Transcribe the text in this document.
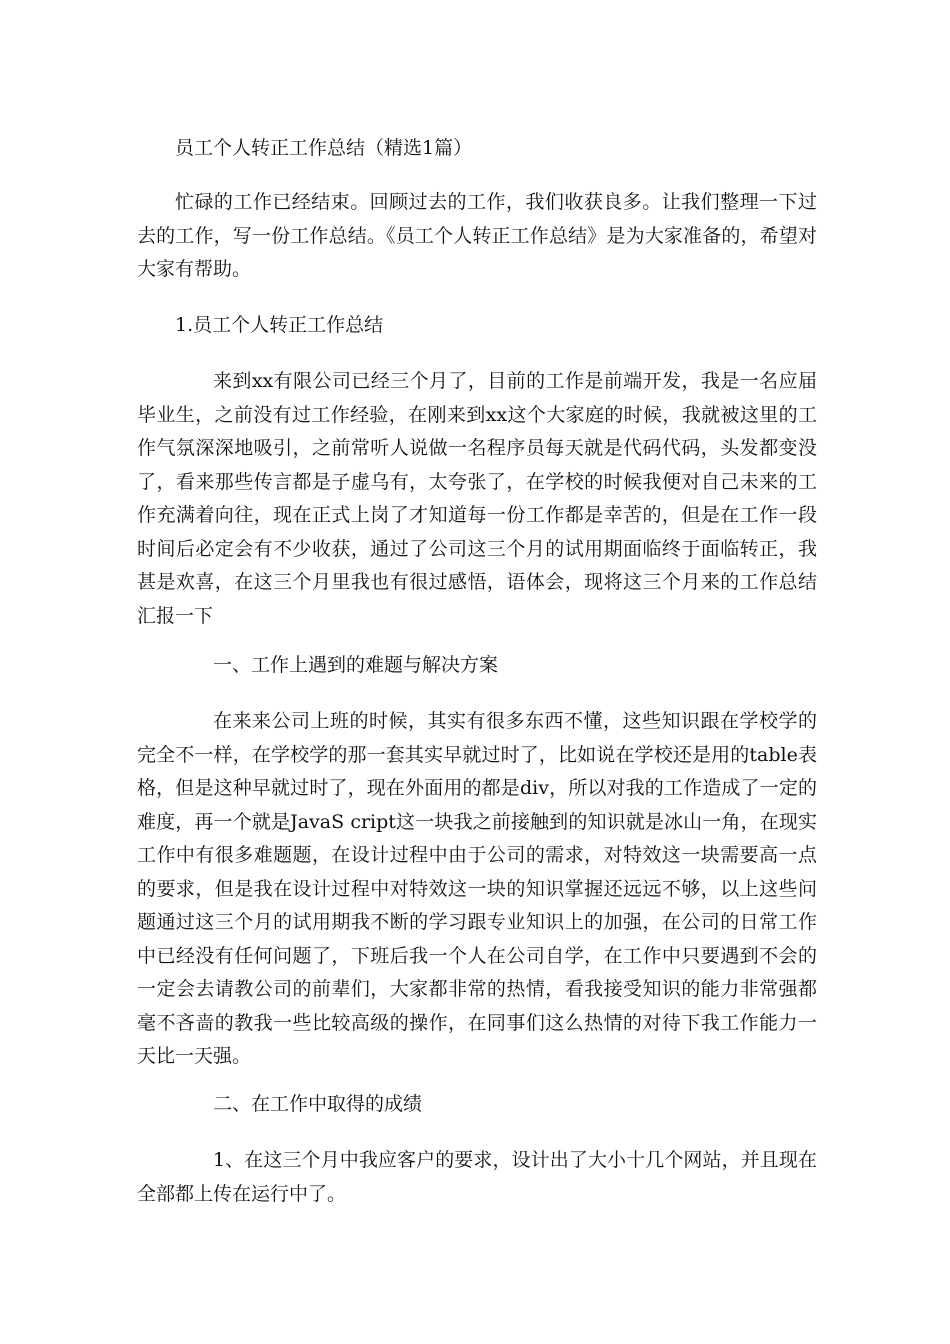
员工个人转正工作总结（精选1篇）

忙碌的工作已经结束。回顾过去的工作，我们收获良多。让我们整理一下过去的工作，写一份工作总结。《员工个人转正工作总结》是为大家准备的，希望对大家有帮助。

1.员工个人转正工作总结

来到xx有限公司已经三个月了，目前的工作是前端开发，我是一名应届毕业生，之前没有过工作经验，在刚来到xx这个大家庭的时候，我就被这里的工作气氛深深地吸引，之前常听人说做一名程序员每天就是代码代码，头发都变没了，看来那些传言都是子虚乌有，太夸张了，在学校的时候我便对自己未来的工作充满着向往，现在正式上岗了才知道每一份工作都是幸苦的，但是在工作一段时间后必定会有不少收获，通过了公司这三个月的试用期面临终于面临转正，我甚是欢喜，在这三个月里我也有很过感悟，语体会，现将这三个月来的工作总结汇报一下

一、工作上遇到的难题与解决方案

在来来公司上班的时候，其实有很多东西不懂，这些知识跟在学校学的完全不一样，在学校学的那一套其实早就过时了，比如说在学校还是用的table表格，但是这种早就过时了，现在外面用的都是div，所以对我的工作造成了一定的难度，再一个就是JavaS cript这一块我之前接触到的知识就是冰山一角，在现实工作中有很多难题题，在设计过程中由于公司的需求，对特效这一块需要高一点的要求，但是我在设计过程中对特效这一块的知识掌握还远远不够，以上这些问题通过这三个月的试用期我不断的学习跟专业知识上的加强，在公司的日常工作中已经没有任何问题了，下班后我一个人在公司自学，在工作中只要遇到不会的一定会去请教公司的前辈们，大家都非常的热情，看我接受知识的能力非常强都毫不吝啬的教我一些比较高级的操作，在同事们这么热情的对待下我工作能力一天比一天强。

二、在工作中取得的成绩

1、在这三个月中我应客户的要求，设计出了大小十几个网站，并且现在全部都上传在运行中了。
